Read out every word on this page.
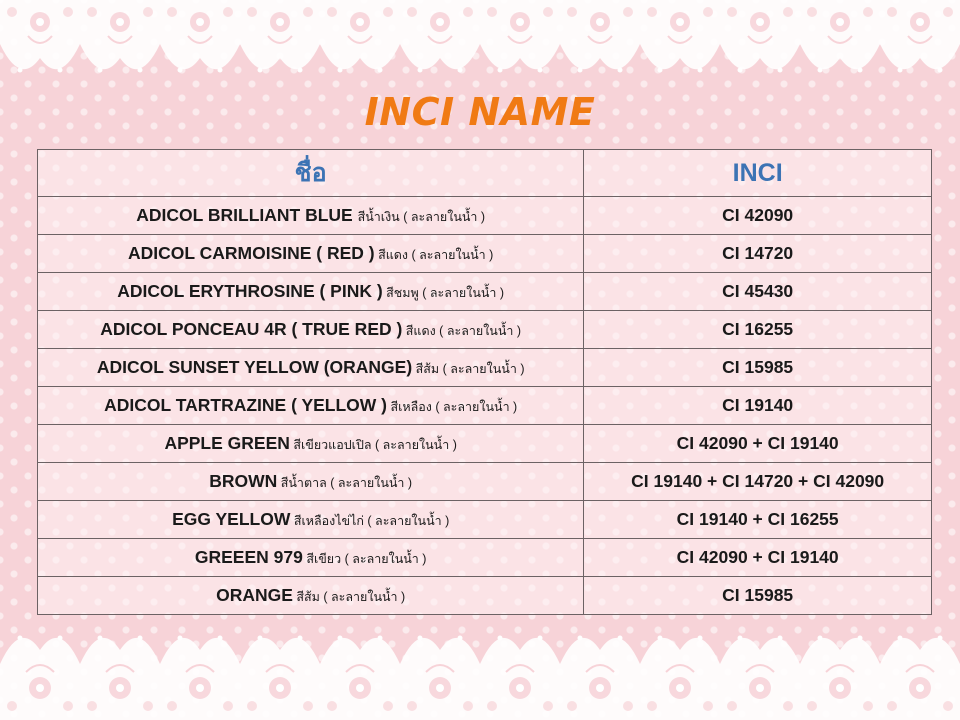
INCI NAME
ชื่อ	INCI
ADICOL BRILLIANT BLUE สีน้ำเงิน ( ละลายในน้ำ )	CI 42090
ADICOL CARMOISINE ( RED ) สีแดง ( ละลายในน้ำ )	CI 14720
ADICOL ERYTHROSINE ( PINK ) สีชมพู ( ละลายในน้ำ )	CI 45430
ADICOL PONCEAU 4R ( TRUE RED ) สีแดง ( ละลายในน้ำ )	CI 16255
ADICOL SUNSET YELLOW (ORANGE) สีส้ม ( ละลายในน้ำ )	CI 15985
ADICOL TARTRAZINE ( YELLOW ) สีเหลือง ( ละลายในน้ำ )	CI 19140
APPLE GREEN สีเขียวแอปเปิล ( ละลายในน้ำ )	CI 42090 + CI 19140
BROWN สีน้ำตาล ( ละลายในน้ำ )	CI 19140 + CI 14720 + CI 42090
EGG YELLOW สีเหลืองไข่ไก่ ( ละลายในน้ำ )	CI 19140 + CI 16255
GREEEN 979 สีเขียว ( ละลายในน้ำ )	CI 42090 + CI 19140
ORANGE สีส้ม ( ละลายในน้ำ )	CI 15985
